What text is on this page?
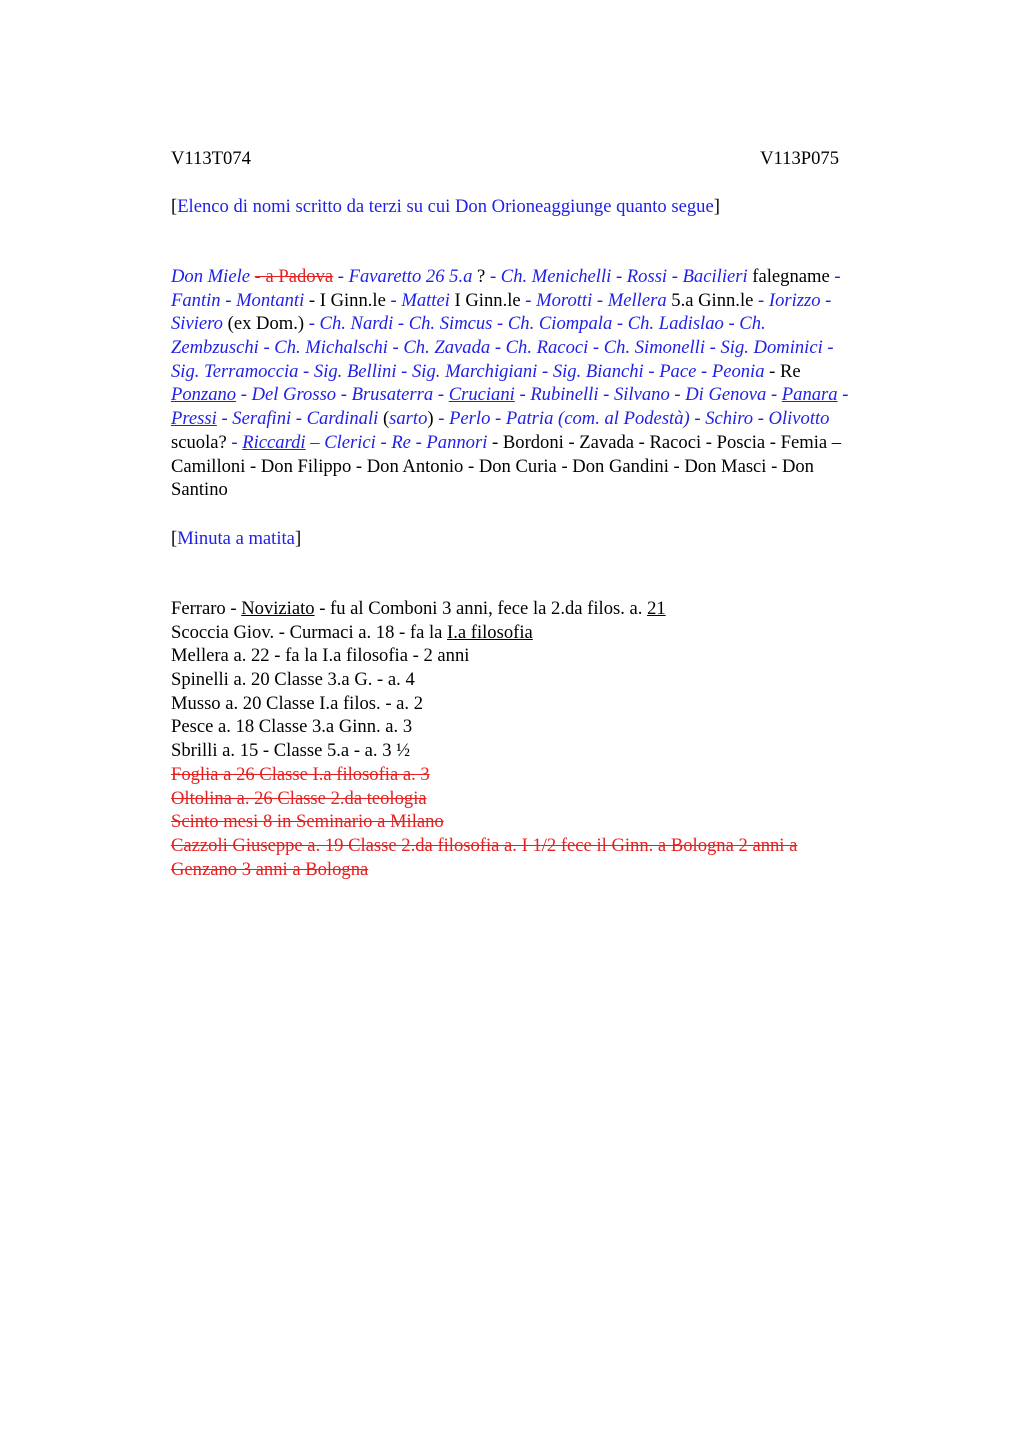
V113T074	V113P075
[Elenco di nomi scritto da terzi su cui Don Orioneaggiunge quanto segue]
Don Miele - a Padova - Favaretto 26 5.a ? - Ch. Menichelli - Rossi - Bacilieri falegname -
Fantin - Montanti - I Ginn.le - Mattei I Ginn.le - Morotti - Mellera 5.a Ginn.le - Iorizzo -
Siviero (ex Dom.) - Ch. Nardi - Ch. Simcus - Ch. Ciompala - Ch. Ladislao - Ch.
Zembzuschi - Ch. Michalschi - Ch. Zavada - Ch. Racoci - Ch. Simonelli - Sig. Dominici -
Sig. Terramoccia - Sig. Bellini - Sig. Marchigiani - Sig. Bianchi - Pace - Peonia - Re
Ponzano - Del Grosso - Brusaterra - Cruciani - Rubinelli - Silvano - Di Genova - Panara -
Pressi - Serafini - Cardinali (sarto) - Perlo - Patria (com. al Podestà) - Schiro - Olivotto
scuola? - Riccardi – Clerici - Re - Pannori - Bordoni - Zavada - Racoci - Poscia - Femia –
Camilloni - Don Filippo - Don Antonio - Don Curia - Don Gandini - Don Masci - Don
Santino
[Minuta a matita]
Ferraro - Noviziato - fu al Comboni 3 anni, fece la 2.da filos. a. 21
Scoccia Giov. - Curmaci a. 18 - fa la I.a filosofia
Mellera a. 22 - fa la I.a filosofia - 2 anni
Spinelli a. 20 Classe 3.a G. - a. 4
Musso a. 20 Classe I.a filos. - a. 2
Pesce a. 18 Classe 3.a Ginn. a. 3
Sbrilli a. 15 - Classe 5.a - a. 3 ½
Foglia a 26 Classe I.a filosofia a. 3
Oltolina a. 26 Classe 2.da teologia
Scinto mesi 8 in Seminario a Milano
Cazzoli Giuseppe a. 19 Classe 2.da filosofia a. I 1/2 fece il Ginn. a Bologna 2 anni a
Genzano 3 anni a Bologna
